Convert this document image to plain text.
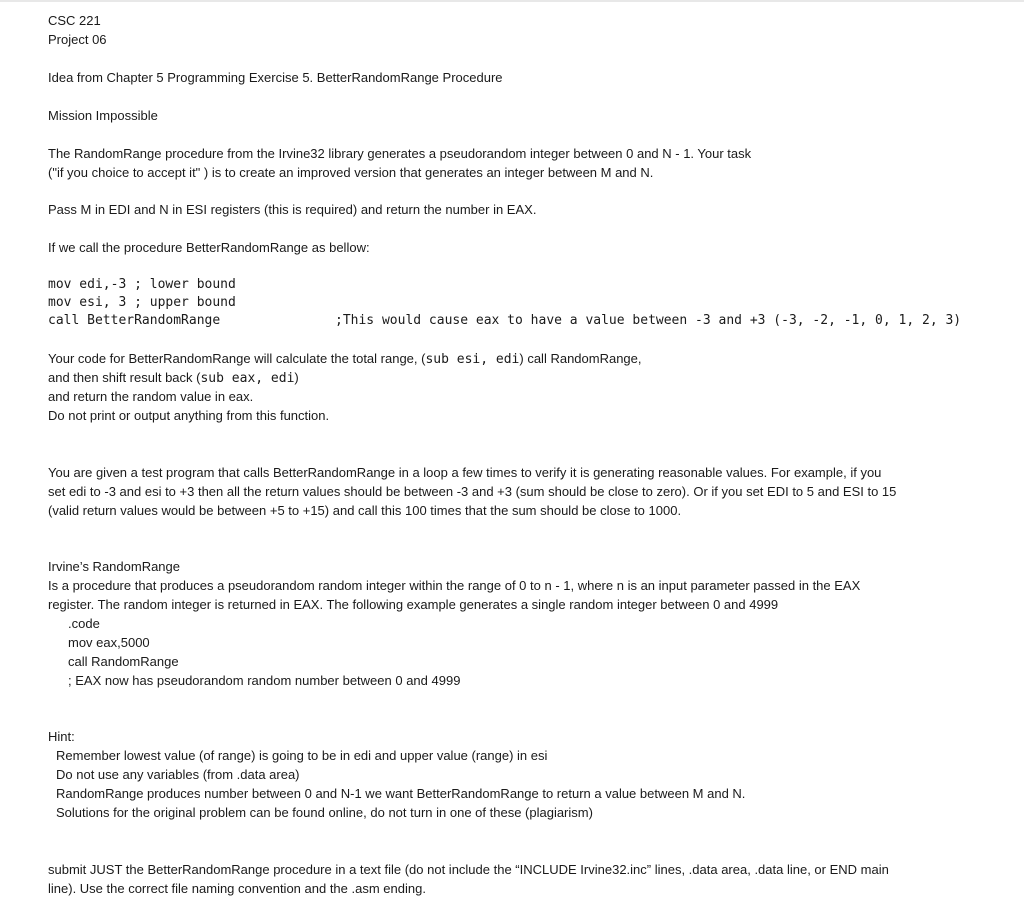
CSC 221
Project 06
Idea from Chapter 5 Programming Exercise 5. BetterRandomRange Procedure
Mission Impossible
The RandomRange procedure from the Irvine32 library generates a pseudorandom integer between 0 and N - 1. Your task
("if you choice to accept it" ) is to create an improved version that generates an integer between M and N.
Pass M in EDI and N in ESI registers (this is required) and return the number in EAX.
If we call the procedure BetterRandomRange as bellow:
mov edi,-3 ; lower bound
mov esi, 3 ; upper bound
call BetterRandomRange	;This would cause eax to have a value between -3 and +3 (-3, -2, -1, 0, 1, 2, 3)
Your code for BetterRandomRange will calculate the total range, (sub esi, edi) call RandomRange,
and then shift result back (sub eax, edi)
and return the random value in eax.
Do not print or output anything from this function.
You are given a test program that calls BetterRandomRange in a loop a few times to verify it is generating reasonable values. For example, if you
set edi to -3 and esi to +3 then all the return values should be between -3 and +3 (sum should be close to zero). Or if you set EDI to 5 and ESI to 15
(valid return values would be between +5 to +15) and call this 100 times that the sum should be close to 1000.
Irvine’s RandomRange
Is a procedure that produces a pseudorandom random integer within the range of 0 to n - 1, where n is an input parameter passed in the EAX
register. The random integer is returned in EAX. The following example generates a single random integer between 0 and 4999
.code
mov eax,5000
call RandomRange
; EAX now has pseudorandom random number between 0 and 4999
Hint:
Remember lowest value (of range) is going to be in edi and upper value (range) in esi
Do not use any variables (from .data area)
RandomRange produces number between 0 and N-1 we want BetterRandomRange to return a value between M and N.
Solutions for the original problem can be found online, do not turn in one of these (plagiarism)
submit JUST the BetterRandomRange procedure in a text file (do not include the “INCLUDE Irvine32.inc” lines, .data area, .data line, or END main
line). Use the correct file naming convention and the .asm ending.
